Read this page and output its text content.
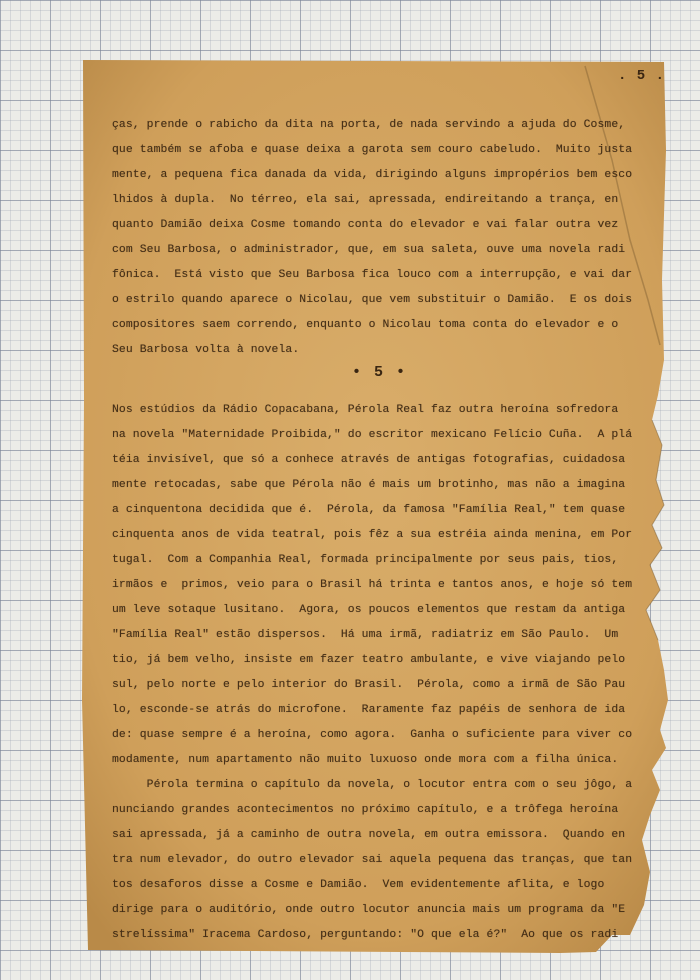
. 5 .
ças, prende o rabicho da dita na porta, de nada servindo a ajuda do Cosme,
que também se afoba e quase deixa a garota sem couro cabeludo.  Muito justa
mente, a pequena fica danada da vida, dirigindo alguns impropérios bem esco
lhidos à dupla.  No térreo, ela sai, apressada, endireitando a trança, en
quanto Damião deixa Cosme tomando conta do elevador e vai falar outra vez
com Seu Barbosa, o administrador, que, em sua saleta, ouve uma novela radi
fônica.  Está visto que Seu Barbosa fica louco com a interrupção, e vai dar
o estrilo quando aparece o Nicolau, que vem substituir o Damião.  E os dois
compositores saem correndo, enquanto o Nicolau toma conta do elevador e o
Seu Barbosa volta à novela.
• 5 •
Nos estúdios da Rádio Copacabana, Pérola Real faz outra heroína sofredora
na novela "Maternidade Proibida," do escritor mexicano Felício Cuña.  A plá
téia invisível, que só a conhece através de antigas fotografias, cuidadosa
mente retocadas, sabe que Pérola não é mais um brotinho, mas não a imagina
a cinquentona decidida que é.  Pérola, da famosa "Família Real," tem quase
cinquenta anos de vida teatral, pois fêz a sua estréia ainda menina, em Por
tugal.  Com a Companhia Real, formada principalmente por seus pais, tios,
irmãos e  primos, veio para o Brasil há trinta e tantos anos, e hoje só tem
um leve sotaque lusitano.  Agora, os poucos elementos que restam da antiga
"Família Real" estão dispersos.  Há uma irmã, radiatriz em São Paulo.  Um
tio, já bem velho, insiste em fazer teatro ambulante, e vive viajando pelo
sul, pelo norte e pelo interior do Brasil.  Pérola, como a irmã de São Pau
lo, esconde-se atrás do microfone.  Raramente faz papéis de senhora de ida
de: quase sempre é a heroína, como agora.  Ganha o suficiente para viver co
modamente, num apartamento não muito luxuoso onde mora com a filha única.
Pérola termina o capítulo da novela, o locutor entra com o seu jôgo, a
nunciando grandes acontecimentos no próximo capítulo, e a trôfega heroína
sai apressada, já a caminho de outra novela, em outra emissora.  Quando en
tra num elevador, do outro elevador sai aquela pequena das tranças, que tan
tos desaforos disse a Cosme e Damião.  Vem evidentemente aflita, e logo
dirige para o auditório, onde outro locutor anuncia mais um programa da "E
strelíssima" Iracema Cardoso, perguntando: "O que ela é?"  Ao que os radi
